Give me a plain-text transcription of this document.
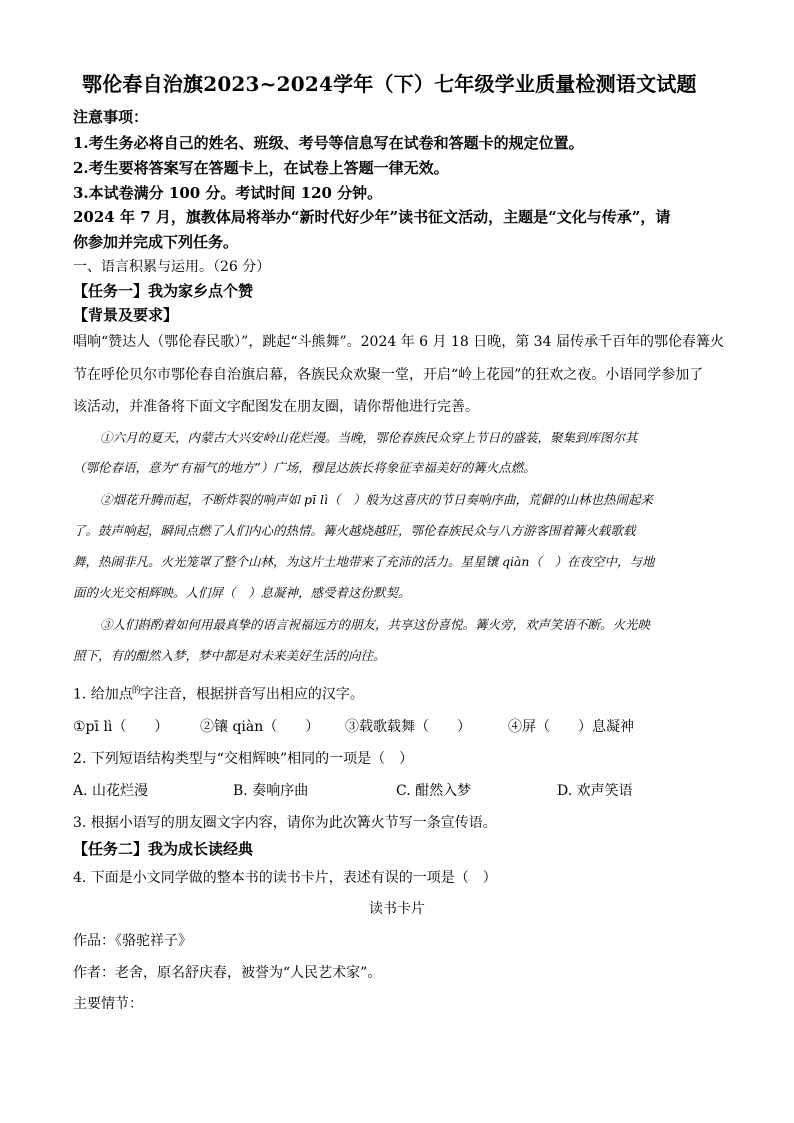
鄂伦春自治旗2023~2024学年（下）七年级学业质量检测语文试题
注意事项：
1.考生务必将自己的姓名、班级、考号等信息写在试卷和答题卡的规定位置。
2.考生要将答案写在答题卡上，在试卷上答题一律无效。
3.本试卷满分 100 分。考试时间 120 分钟。
2024 年 7 月，旗教体局将举办“新时代好少年”读书征文活动，主题是“文化与传承”，请
你参加并完成下列任务。
一、语言积累与运用。（26 分）
【任务一】我为家乡点个赞
【背景及要求】
唱响“赞达人（鄂伦春民歌）”，跳起“斗熊舞”。2024 年 6 月 18 日晚，第 34 届传承千百年的鄂伦春篝火
节在呼伦贝尔市鄂伦春自治旗启幕，各族民众欢聚一堂，开启“岭上花园”的狂欢之夜。小语同学参加了
该活动，并准备将下面文字配图发在朋友圈，请你帮他进行完善。
①六月的夏天，内蒙古大兴安岭山花烂漫。当晚，鄂伦春族民众穿上节日的盛装，聚集到库图尔其
（鄂伦春语，意为“有福气的地方”）广场，穆昆达族长将象征幸福美好的篝火点燃。
②烟花升腾而起，不断炸裂的响声如 pī lì（　）般为这喜庆的节日奏响序曲，荒僻的山林也热闹起来
了。鼓声响起，瞬间点燃了人们内心的热情。篝火越烧越旺，鄂伦春族民众与八方游客围着篝火载歌载
舞，热闹非凡。火光笼罩了整个山林，为这片土地带来了充沛的活力。星星镶 qiàn（　）在夜空中，与地
面的火光交相辉映。人们屏（　）息凝神，感受着这份默契。
③人们斟酌着如何用最真挚的语言祝福远方的朋友，共享这份喜悦。篝火旁，欢声笑语不断。火光映
照下，有的酣然入梦，梦中都是对未来美好生活的向往。
1. 给加点$^的$字注音，根据拼音写出相应的汉字。
①pī lì（　　） ②镶 qiàn（　　） ③载歌载舞（　　）	④屏（　　）息凝神
2. 下列短语结构类型与“交相辉映”相同的一项是（　）
A. 山花烂漫	B. 奏响序曲	C. 酣然入梦	D. 欢声笑语
3. 根据小语写的朋友圈文字内容，请你为此次篝火节写一条宣传语。
【任务二】我为成长读经典
4. 下面是小文同学做的整本书的读书卡片，表述有误的一项是（　）
读书卡片
作品：《骆驼祥子》
作者：老舍，原名舒庆春，被誉为“人民艺术家”。
主要情节：
